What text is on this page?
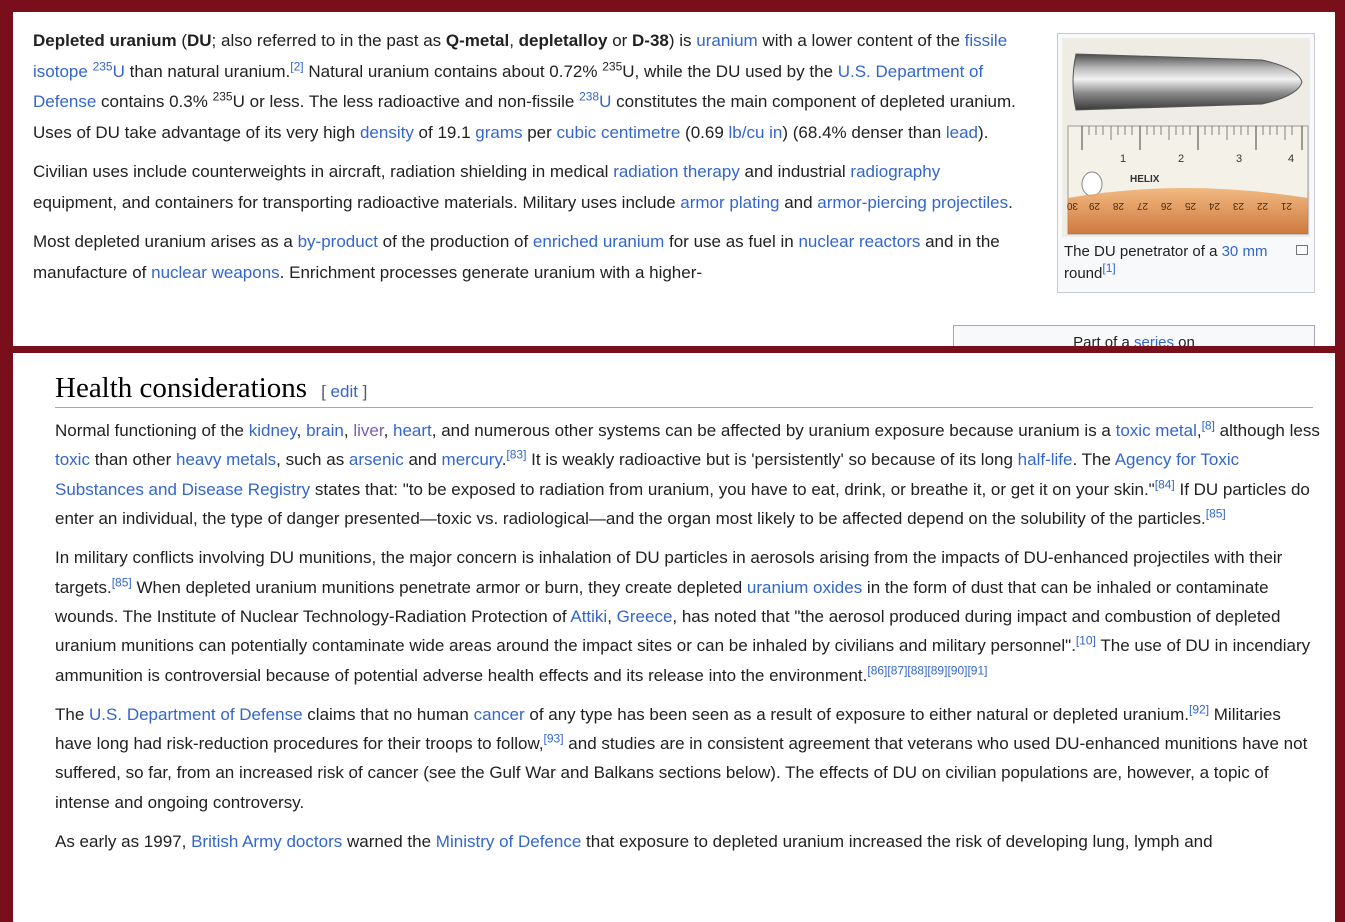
Depleted uranium (DU; also referred to in the past as Q-metal, depletalloy or D-38) is uranium with a lower content of the fissile isotope $^{235}$U than natural uranium.[2] Natural uranium contains about 0.72% $^{235}$U, while the DU used by the U.S. Department of Defense contains 0.3% $^{235}$U or less. The less radioactive and non-fissile $^{238}$U constitutes the main component of depleted uranium. Uses of DU take advantage of its very high density of 19.1 grams per cubic centimetre (0.69 lb/cu in) (68.4% denser than lead).

Civilian uses include counterweights in aircraft, radiation shielding in medical radiation therapy and industrial radiography equipment, and containers for transporting radioactive materials. Military uses include armor plating and armor-piercing projectiles.

Most depleted uranium arises as a by-product of the production of enriched uranium for use as fuel in nuclear reactors and in the manufacture of nuclear weapons. Enrichment processes generate uranium with a higher-

1	2	3	4
HELIX
21
22
23
24
25
26
27
28
29
30
The DU penetrator of a 30 mm round[1]
Part of a series on
Health considerations [ edit ]

Normal functioning of the kidney, brain, liver, heart, and numerous other systems can be affected by uranium exposure because uranium is a toxic metal,[8] although less toxic than other heavy metals, such as arsenic and mercury.[83] It is weakly radioactive but is 'persistently' so because of its long half-life. The Agency for Toxic Substances and Disease Registry states that: "to be exposed to radiation from uranium, you have to eat, drink, or breathe it, or get it on your skin."[84] If DU particles do enter an individual, the type of danger presented—toxic vs. radiological—and the organ most likely to be affected depend on the solubility of the particles.[85]

In military conflicts involving DU munitions, the major concern is inhalation of DU particles in aerosols arising from the impacts of DU-enhanced projectiles with their targets.[85] When depleted uranium munitions penetrate armor or burn, they create depleted uranium oxides in the form of dust that can be inhaled or contaminate wounds. The Institute of Nuclear Technology-Radiation Protection of Attiki, Greece, has noted that "the aerosol produced during impact and combustion of depleted uranium munitions can potentially contaminate wide areas around the impact sites or can be inhaled by civilians and military personnel".[10] The use of DU in incendiary ammunition is controversial because of potential adverse health effects and its release into the environment.[86][87][88][89][90][91]

The U.S. Department of Defense claims that no human cancer of any type has been seen as a result of exposure to either natural or depleted uranium.[92] Militaries have long had risk-reduction procedures for their troops to follow,[93] and studies are in consistent agreement that veterans who used DU-enhanced munitions have not suffered, so far, from an increased risk of cancer (see the Gulf War and Balkans sections below). The effects of DU on civilian populations are, however, a topic of intense and ongoing controversy.

As early as 1997, British Army doctors warned the Ministry of Defence that exposure to depleted uranium increased the risk of developing lung, lymph and
